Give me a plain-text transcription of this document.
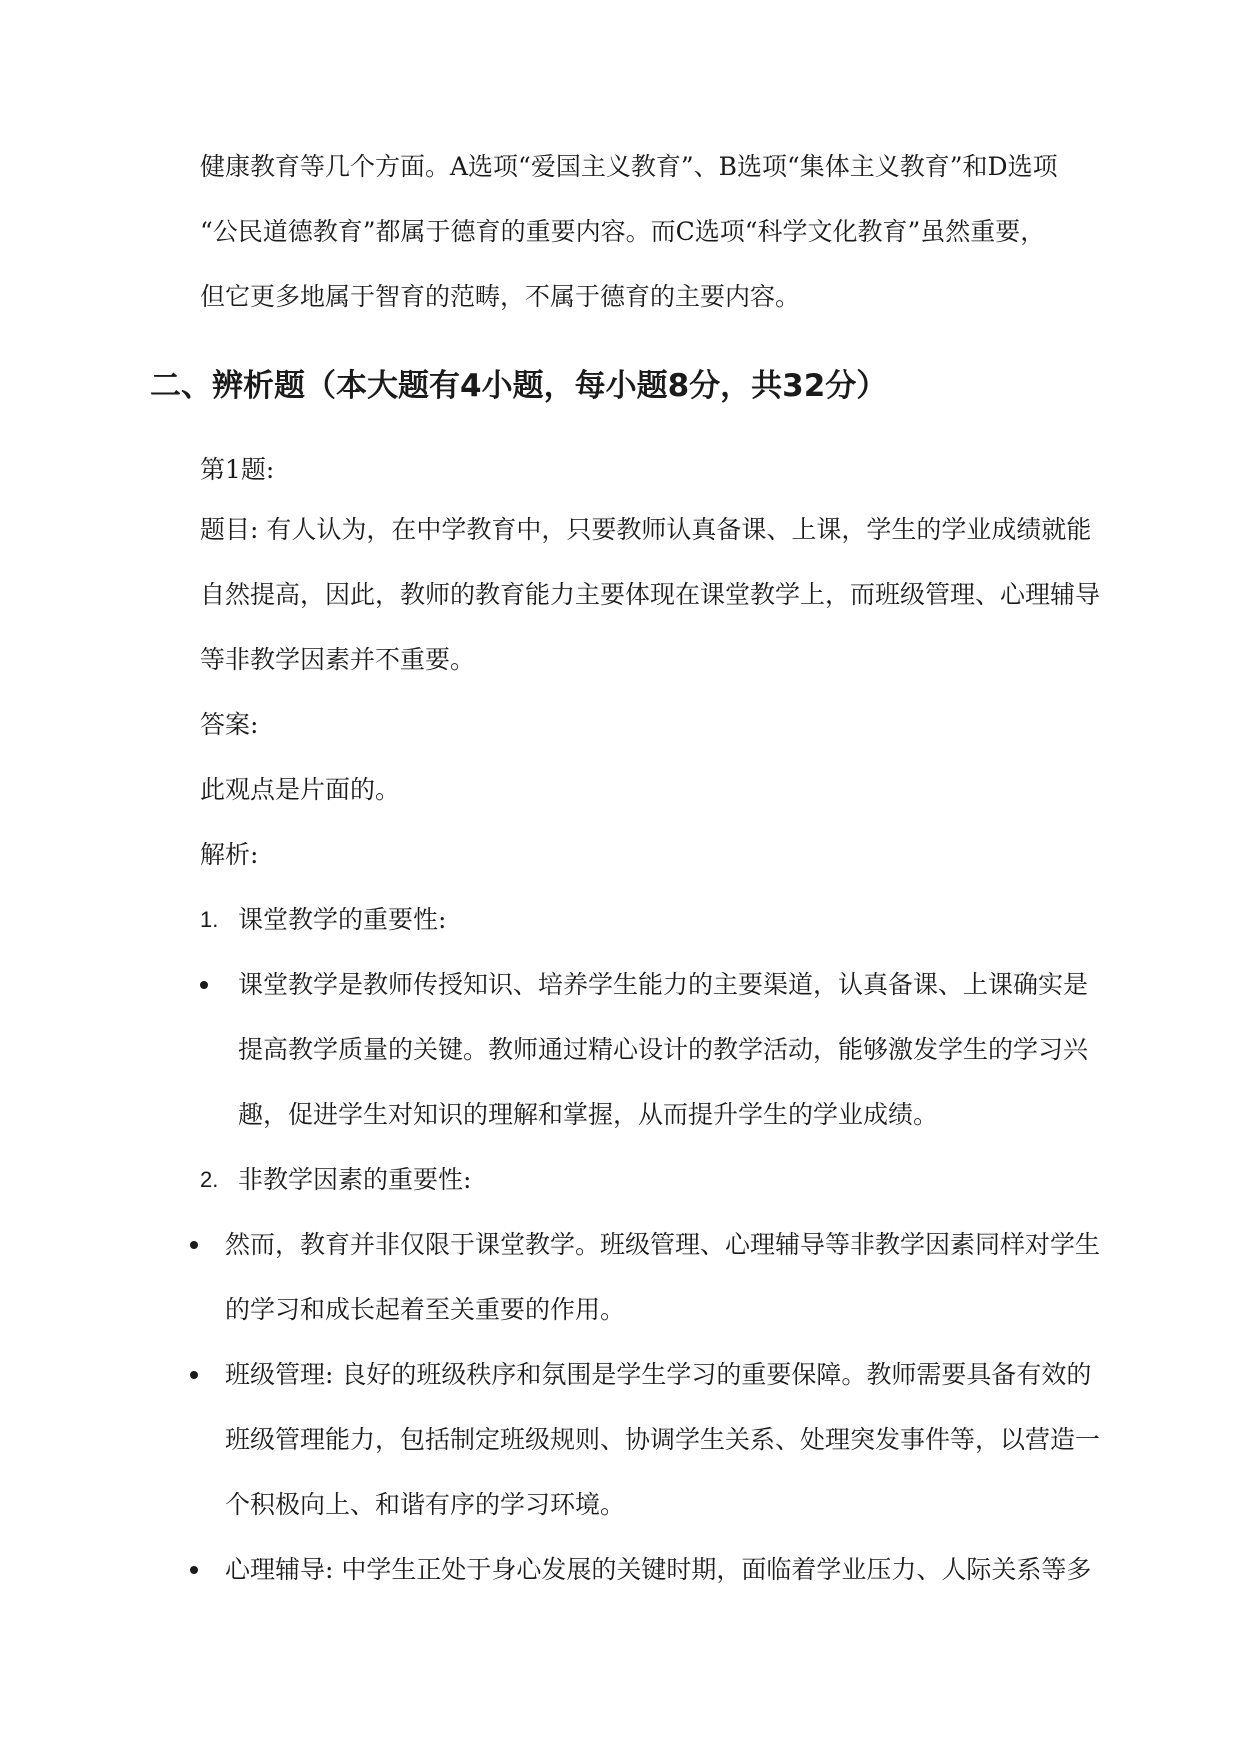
健康教育等几个方面。A选项“爱国主义教育”、B选项“集体主义教育”和D选项
“公民道德教育”都属于德育的重要内容。而C选项“科学文化教育”虽然重要，
但它更多地属于智育的范畴，不属于德育的主要内容。
二、辨析题（本大题有4小题，每小题8分，共32分）
第1题:
题目: 有人认为，在中学教育中，只要教师认真备课、上课，学生的学业成绩就能
自然提高，因此，教师的教育能力主要体现在课堂教学上，而班级管理、心理辅导
等非教学因素并不重要。
答案:
此观点是片面的。
解析:
1. 课堂教学的重要性:
课堂教学是教师传授知识、培养学生能力的主要渠道，认真备课、上课确实是
提高教学质量的关键。教师通过精心设计的教学活动，能够激发学生的学习兴
趣，促进学生对知识的理解和掌握，从而提升学生的学业成绩。
2. 非教学因素的重要性:
然而，教育并非仅限于课堂教学。班级管理、心理辅导等非教学因素同样对学生
的学习和成长起着至关重要的作用。
班级管理: 良好的班级秩序和氛围是学生学习的重要保障。教师需要具备有效的
班级管理能力，包括制定班级规则、协调学生关系、处理突发事件等，以营造一
个积极向上、和谐有序的学习环境。
心理辅导: 中学生正处于身心发展的关键时期，面临着学业压力、人际关系等多
